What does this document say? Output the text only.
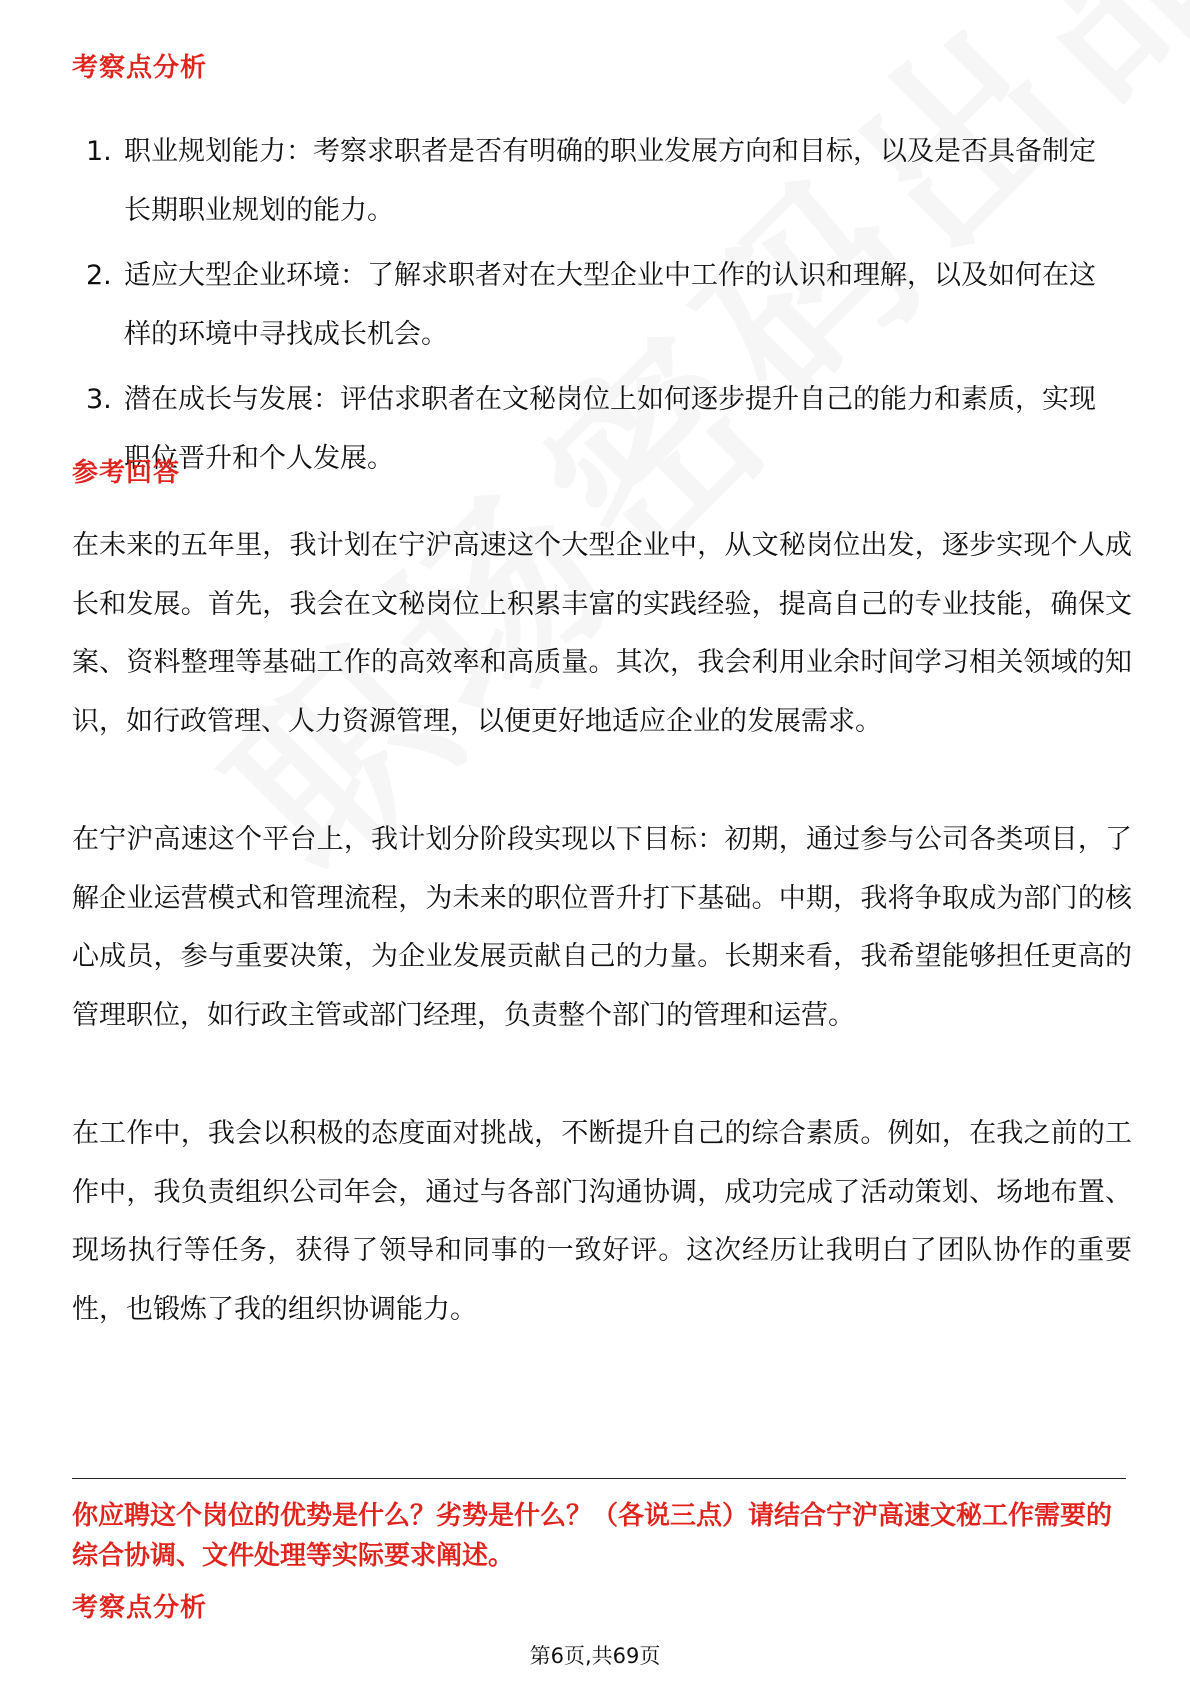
考察点分析
1. 职业规划能力：考察求职者是否有明确的职业发展方向和目标，以及是否具备制定长期职业规划的能力。
2. 适应大型企业环境：了解求职者对在大型企业中工作的认识和理解，以及如何在这样的环境中寻找成长机会。
3. 潜在成长与发展：评估求职者在文秘岗位上如何逐步提升自己的能力和素质，实现职位晋升和个人发展。
参考回答

在未来的五年里，我计划在宁沪高速这个大型企业中，从文秘岗位出发，逐步实现个人成长和发展。首先，我会在文秘岗位上积累丰富的实践经验，提高自己的专业技能，确保文案、资料整理等基础工作的高效率和高质量。其次，我会利用业余时间学习相关领域的知识，如行政管理、人力资源管理，以便更好地适应企业的发展需求。

在宁沪高速这个平台上，我计划分阶段实现以下目标：初期，通过参与公司各类项目，了解企业运营模式和管理流程，为未来的职位晋升打下基础。中期，我将争取成为部门的核心成员，参与重要决策，为企业发展贡献自己的力量。长期来看，我希望能够担任更高的管理职位，如行政主管或部门经理，负责整个部门的管理和运营。

在工作中，我会以积极的态度面对挑战，不断提升自己的综合素质。例如，在我之前的工作中，我负责组织公司年会，通过与各部门沟通协调，成功完成了活动策划、场地布置、现场执行等任务，获得了领导和同事的一致好评。这次经历让我明白了团队协作的重要性，也锻炼了我的组织协调能力。

你应聘这个岗位的优势是什么？劣势是什么？（各说三点）请结合宁沪高速文秘工作需要的综合协调、文件处理等实际要求阐述。

考察点分析
第6页,共69页
